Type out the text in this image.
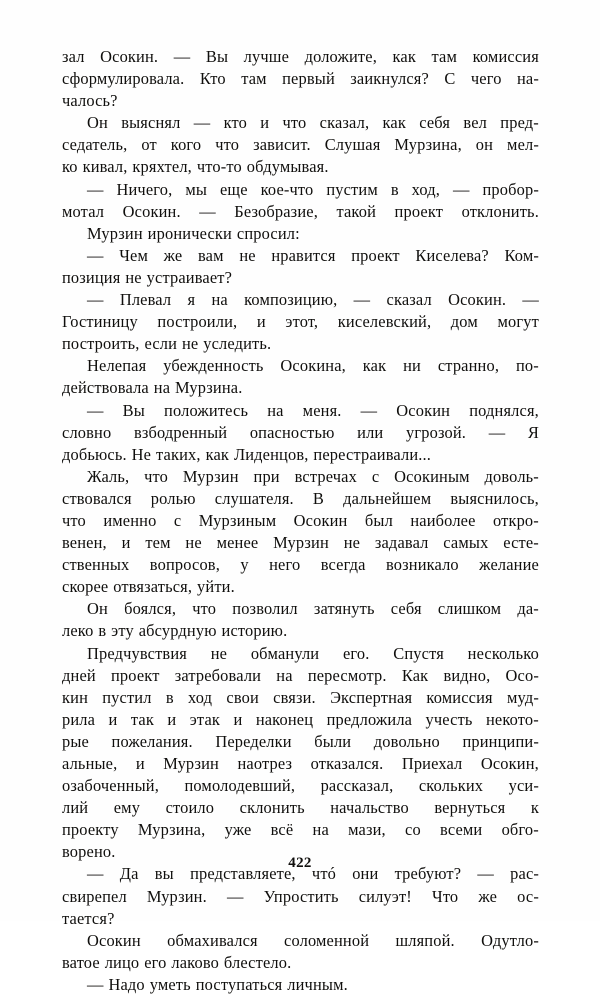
зал Осокин. — Вы лучше доложите, как там комиссия
сформулировала. Кто там первый заикнулся? С чего на-
чалось?
Он выяснял — кто и что сказал, как себя вел пред-
седатель, от кого что зависит. Слушая Мурзина, он мел-
ко кивал, кряхтел, что-то обдумывая.
— Ничего, мы еще кое-что пустим в ход, — пробор-
мотал Осокин. — Безобразие, такой проект отклонить.
Мурзин иронически спросил:
— Чем же вам не нравится проект Киселева? Ком-
позиция не устраивает?
— Плевал я на композицию, — сказал Осокин. —
Гостиницу построили, и этот, киселевский, дом могут
построить, если не уследить.
Нелепая убежденность Осокина, как ни странно, по-
действовала на Мурзина.
— Вы положитесь на меня. — Осокин поднялся,
словно взбодренный опасностью или угрозой. — Я
добьюсь. Не таких, как Лиденцов, перестраивали...
Жаль, что Мурзин при встречах с Осокиным доволь-
ствовался ролью слушателя. В дальнейшем выяснилось,
что именно с Мурзиным Осокин был наиболее откро-
венен, и тем не менее Мурзин не задавал самых есте-
ственных вопросов, у него всегда возникало желание
скорее отвязаться, уйти.
Он боялся, что позволил затянуть себя слишком да-
леко в эту абсурдную историю.
Предчувствия не обманули его. Спустя несколько
дней проект затребовали на пересмотр. Как видно, Осо-
кин пустил в ход свои связи. Экспертная комиссия муд-
рила и так и этак и наконец предложила учесть некото-
рые пожелания. Переделки были довольно принципи-
альные, и Мурзин наотрез отказался. Приехал Осокин,
озабоченный, помолодевший, рассказал, скольких уси-
лий ему стоило склонить начальство вернуться к
проекту Мурзина, уже всё на мази, со всеми обго-
ворено.
— Да вы представляете, чтó они требуют? — рас-
свирепел Мурзин. — Упростить силуэт! Что же ос-
тается?
Осокин обмахивался соломенной шляпой. Одутло-
ватое лицо его лаково блестело.
— Надо уметь поступаться личным.
422
